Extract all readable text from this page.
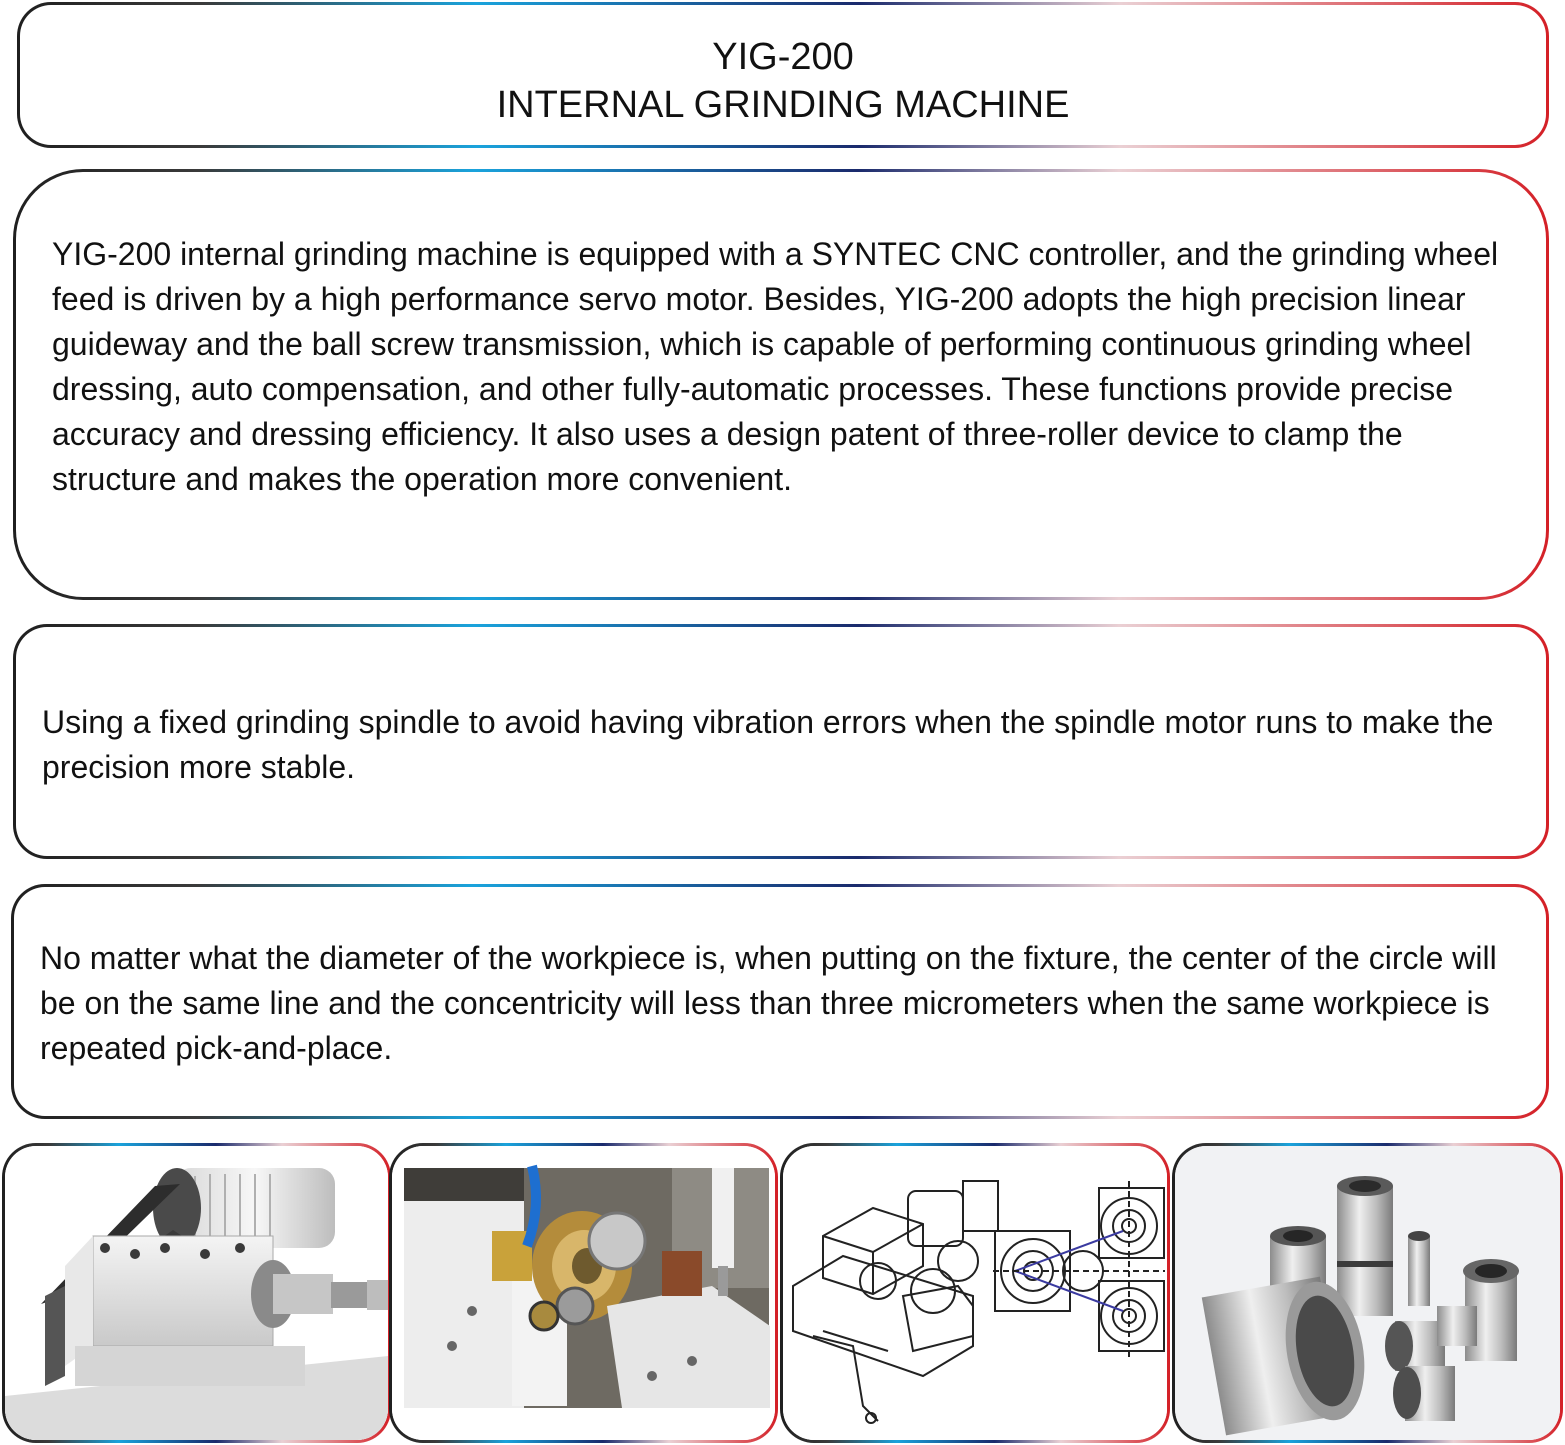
YIG-200
INTERNAL GRINDING MACHINE

YIG-200 internal grinding machine is equipped with a SYNTEC CNC controller, and the grinding wheel feed is driven by a high performance servo motor. Besides, YIG-200 adopts the high precision linear guideway and the ball screw transmission, which is capable of performing continuous grinding wheel dressing, auto compensation, and other fully-automatic processes. These functions provide precise accuracy and dressing efficiency. It also uses a design patent of three-roller device to clamp the structure and makes the operation more convenient.

Using a fixed grinding spindle to avoid having vibration errors when the spindle motor runs to make the precision more stable.

No matter what the diameter of the workpiece is, when putting on the fixture, the center of the circle will be on the same line and the concentricity will less than three micrometers when the same workpiece is repeated pick-and-place.
